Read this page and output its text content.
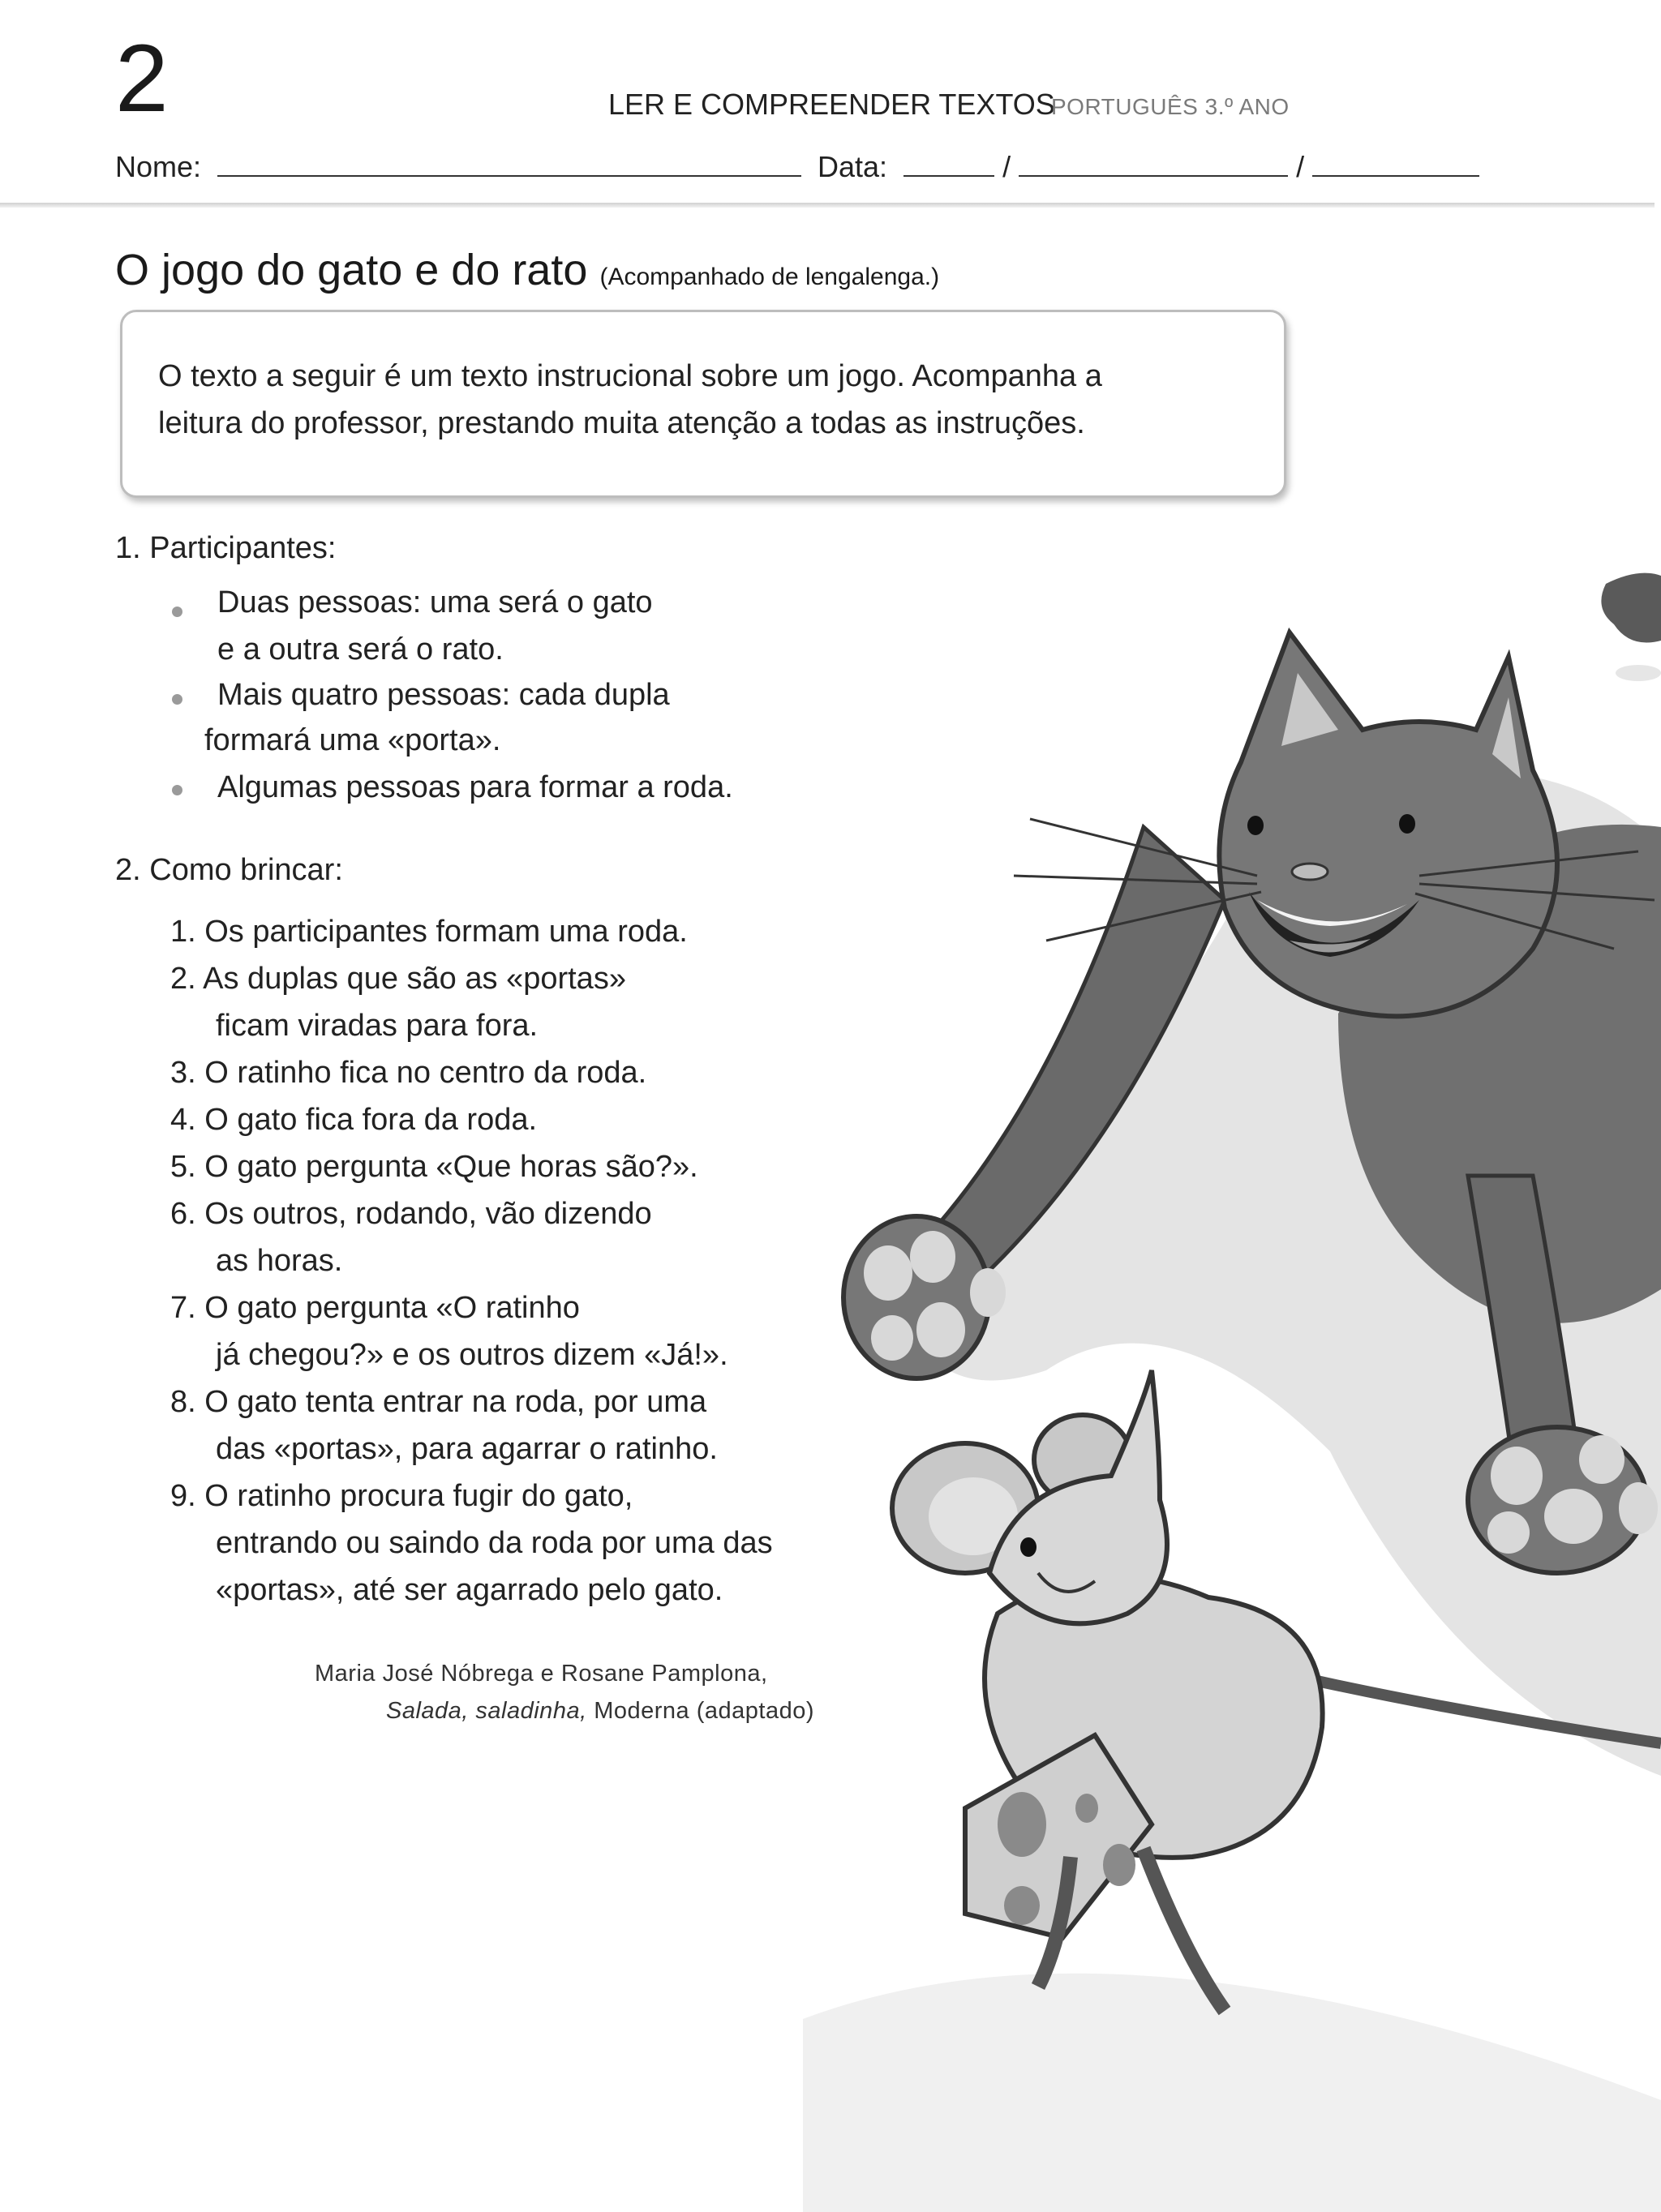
2	LER E COMPREENDER TEXTOS
PORTUGUÊS 3.º ANO
Nome:	Data:	/	/
O jogo do gato e do rato (Acompanhado de lengalenga.)
O texto a seguir é um texto instrucional sobre um jogo. Acompanha a
leitura do professor, prestando muita atenção a todas as instruções.
1. Participantes:
Duas pessoas: uma será o gato
e a outra será o rato.
Mais quatro pessoas: cada dupla
formará uma «porta».
Algumas pessoas para formar a roda.
2. Como brincar:
1. Os participantes formam uma roda.
2. As duplas que são as «portas»
ficam viradas para fora.
3. O ratinho fica no centro da roda.
4. O gato fica fora da roda.
5. O gato pergunta «Que horas são?».
6. Os outros, rodando, vão dizendo
as horas.
7. O gato pergunta «O ratinho
já chegou?» e os outros dizem «Já!».
8. O gato tenta entrar na roda, por uma
das «portas», para agarrar o ratinho.
9. O ratinho procura fugir do gato,
entrando ou saindo da roda por uma das
«portas», até ser agarrado pelo gato.
Maria José Nóbrega e Rosane Pamplona,
Salada, saladinha, Moderna (adaptado)
